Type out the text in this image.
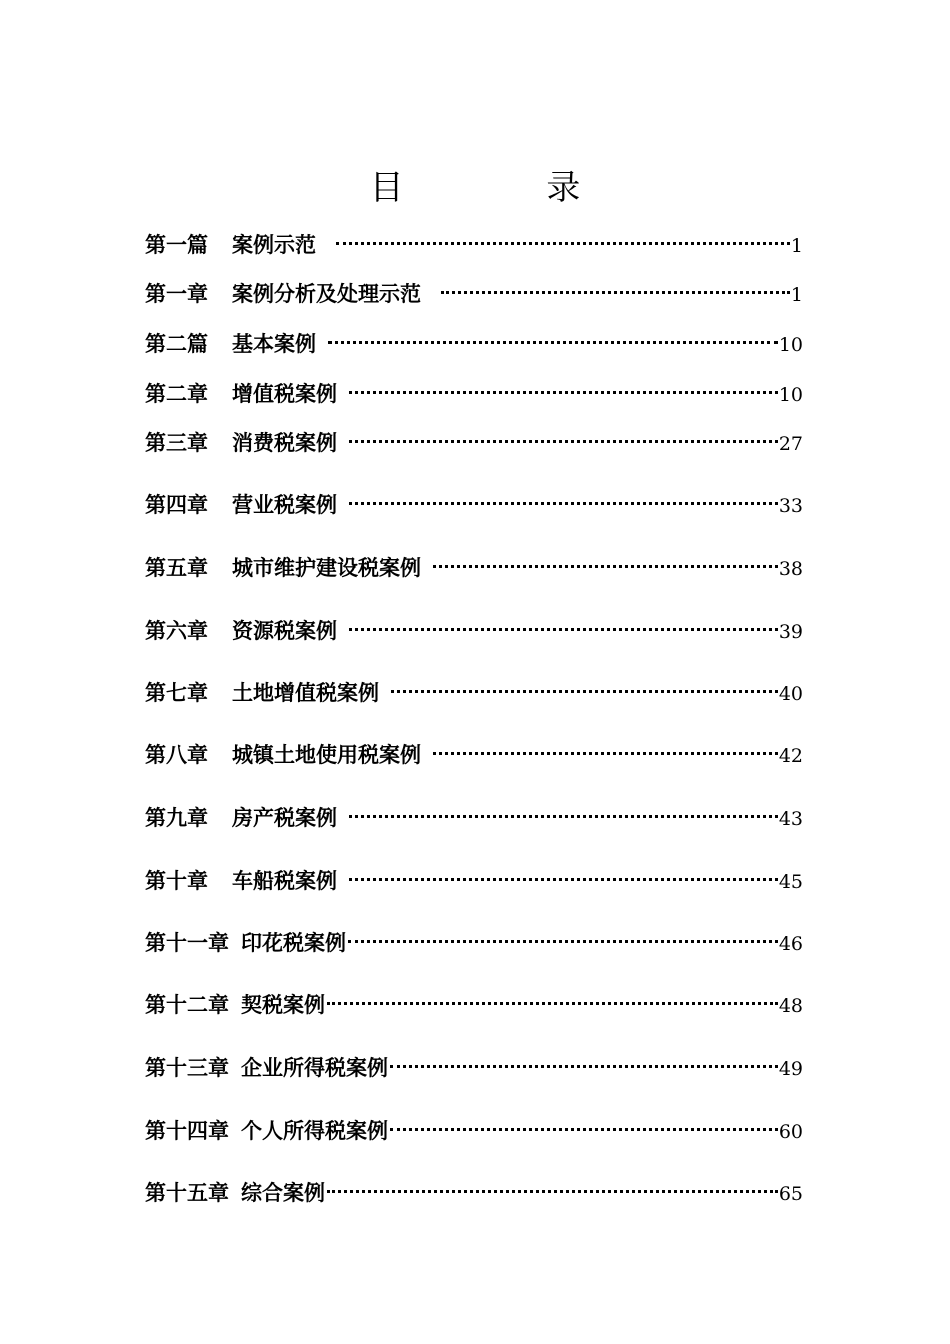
目 录
第一篇	案例示范	1
第一章	案例分析及处理示范	1
第二篇	基本案例	10
第二章	增值税案例	10
第三章	消费税案例	27
第四章	营业税案例	33
第五章	城市维护建设税案例	38
第六章	资源税案例	39
第七章	土地增值税案例	40
第八章	城镇土地使用税案例	42
第九章	房产税案例	43
第十章	车船税案例	45
第十一章 印花税案例	46
第十二章 契税案例	48
第十三章 企业所得税案例	49
第十四章 个人所得税案例	60
第十五章 综合案例	65
